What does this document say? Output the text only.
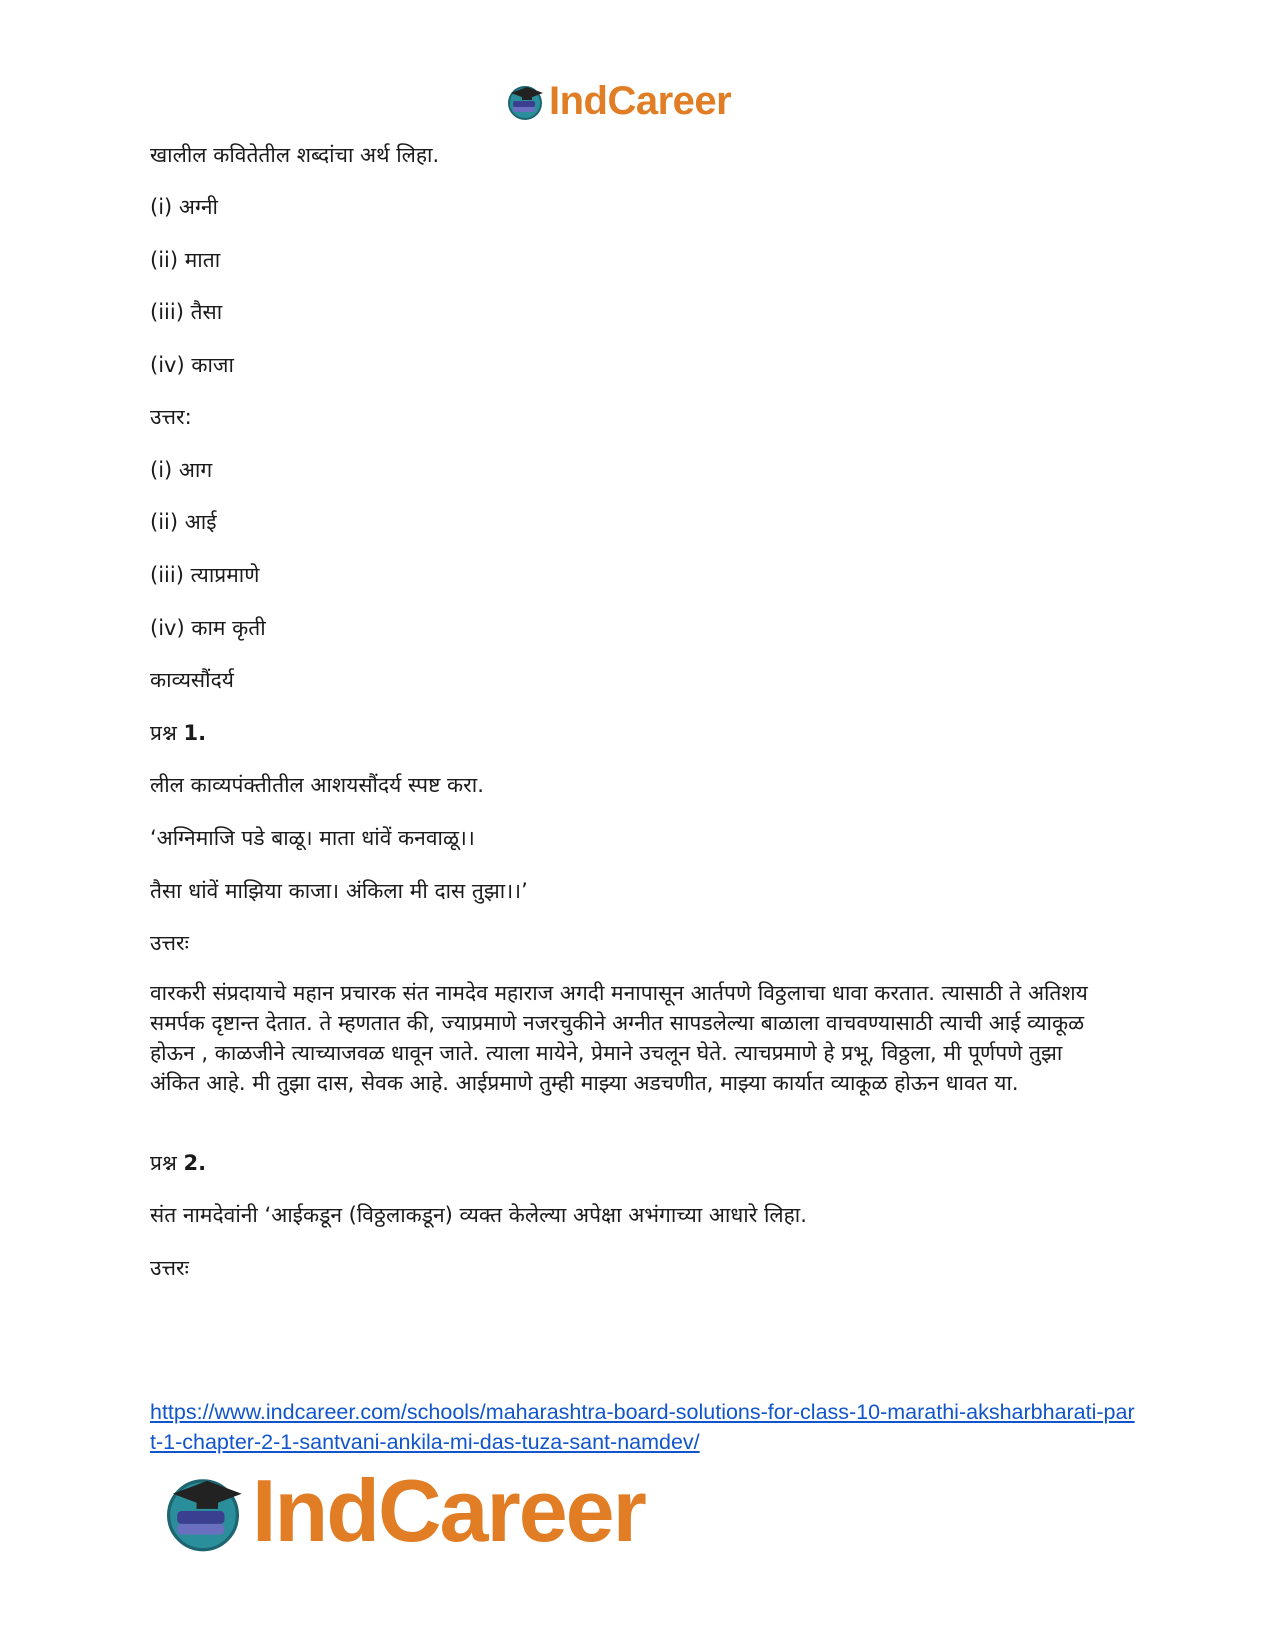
IndCareer
खालील कवितेतील शब्दांचा अर्थ लिहा.
(i) अग्नी
(ii) माता
(iii) तैसा
(iv) काजा
उत्तर:
(i) आग
(ii) आई
(iii) त्याप्रमाणे
(iv) काम कृती
काव्यसौंदर्य
प्रश्न 1.
लील काव्यपंक्तीतील आशयसौंदर्य स्पष्ट करा.
‘अग्निमाजि पडे बाळू। माता धांवें कनवाळू।।
तैसा धांवें माझिया काजा। अंकिला मी दास तुझा।।’
उत्तरः
वारकरी संप्रदायाचे महान प्रचारक संत नामदेव महाराज अगदी मनापासून आर्तपणे विठ्ठलाचा धावा करतात. त्यासाठी ते अतिशय समर्पक दृष्टान्त देतात. ते म्हणतात की, ज्याप्रमाणे नजरचुकीने अग्नीत सापडलेल्या बाळाला वाचवण्यासाठी त्याची आई व्याकूळ होऊन , काळजीने त्याच्याजवळ धावून जाते. त्याला मायेने, प्रेमाने उचलून घेते. त्याचप्रमाणे हे प्रभू, विठ्ठला, मी पूर्णपणे तुझा अंकित आहे. मी तुझा दास, सेवक आहे. आईप्रमाणे तुम्ही माझ्या अडचणीत, माझ्या कार्यात व्याकूळ होऊन धावत या.
प्रश्न 2.
संत नामदेवांनी ‘आईकडून (विठ्ठलाकडून) व्यक्त केलेल्या अपेक्षा अभंगाच्या आधारे लिहा.
उत्तरः
https://www.indcareer.com/schools/maharashtra-board-solutions-for-class-10-marathi-aksharbharati-part-1-chapter-2-1-santvani-ankila-mi-das-tuza-sant-namdev/
IndCareer
